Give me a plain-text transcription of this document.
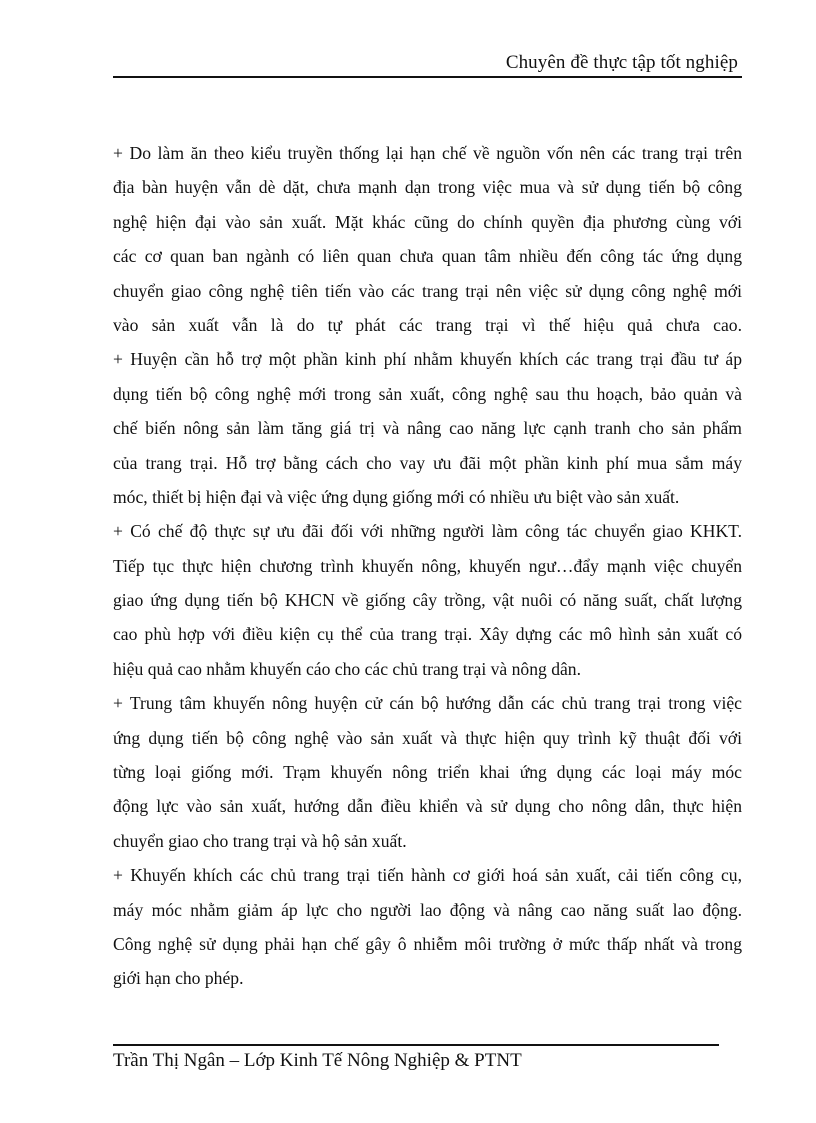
Chuyên đề thực tập tốt nghiệp
+ Do làm ăn theo kiểu truyền thống lại hạn chế về nguồn vốn nên các trang trại trên
địa bàn huyện vẫn dè dặt, chưa mạnh dạn trong việc mua và sử dụng tiến bộ công
nghệ hiện đại vào sản xuất. Mặt khác cũng do chính quyền địa phương cùng với
các cơ quan ban ngành có liên quan chưa quan tâm nhiều đến công tác ứng dụng
chuyển giao công nghệ tiên tiến vào các trang trại nên việc sử dụng công nghệ mới
vào sản xuất vẫn là do tự phát các trang trại vì thế hiệu quả chưa cao.
+ Huyện cần hỗ trợ một phần kinh phí nhằm khuyến khích các trang trại đầu tư áp
dụng tiến bộ công nghệ mới trong sản xuất, công nghệ sau thu hoạch, bảo quản và
chế biến nông sản làm tăng giá trị và nâng cao năng lực cạnh tranh cho sản phẩm
của trang trại. Hỗ trợ bằng cách cho vay ưu đãi một phần kinh phí mua sắm máy
móc, thiết bị hiện đại và việc ứng dụng giống mới có nhiều ưu biệt vào sản xuất.
+ Có chế độ thực sự ưu đãi đối với những người làm công tác chuyển giao KHKT.
Tiếp tục thực hiện chương trình khuyến nông, khuyến ngư…đẩy mạnh việc chuyển
giao ứng dụng tiến bộ KHCN về giống cây trồng, vật nuôi có năng suất, chất lượng
cao phù hợp với điều kiện cụ thể của trang trại. Xây dựng các mô hình sản xuất có
hiệu quả cao nhằm khuyến cáo cho các chủ trang trại và nông dân.
+ Trung tâm khuyến nông huyện cử cán bộ hướng dẫn các chủ trang trại trong việc
ứng dụng tiến bộ công nghệ vào sản xuất và thực hiện quy trình kỹ thuật đối với
từng loại giống mới. Trạm khuyến nông triển khai ứng dụng các loại máy móc
động lực vào sản xuất, hướng dẫn điều khiển và sử dụng cho nông dân, thực hiện
chuyển giao cho trang trại và hộ sản xuất.
+ Khuyến khích các chủ trang trại tiến hành cơ giới hoá sản xuất, cải tiến công cụ,
máy móc nhằm giảm áp lực cho người lao động và nâng cao năng suất lao động.
Công nghệ sử dụng phải hạn chế gây ô nhiễm môi trường ở mức thấp nhất và trong
giới hạn cho phép.
Trần Thị Ngân – Lớp Kinh Tế Nông Nghiệp & PTNT
